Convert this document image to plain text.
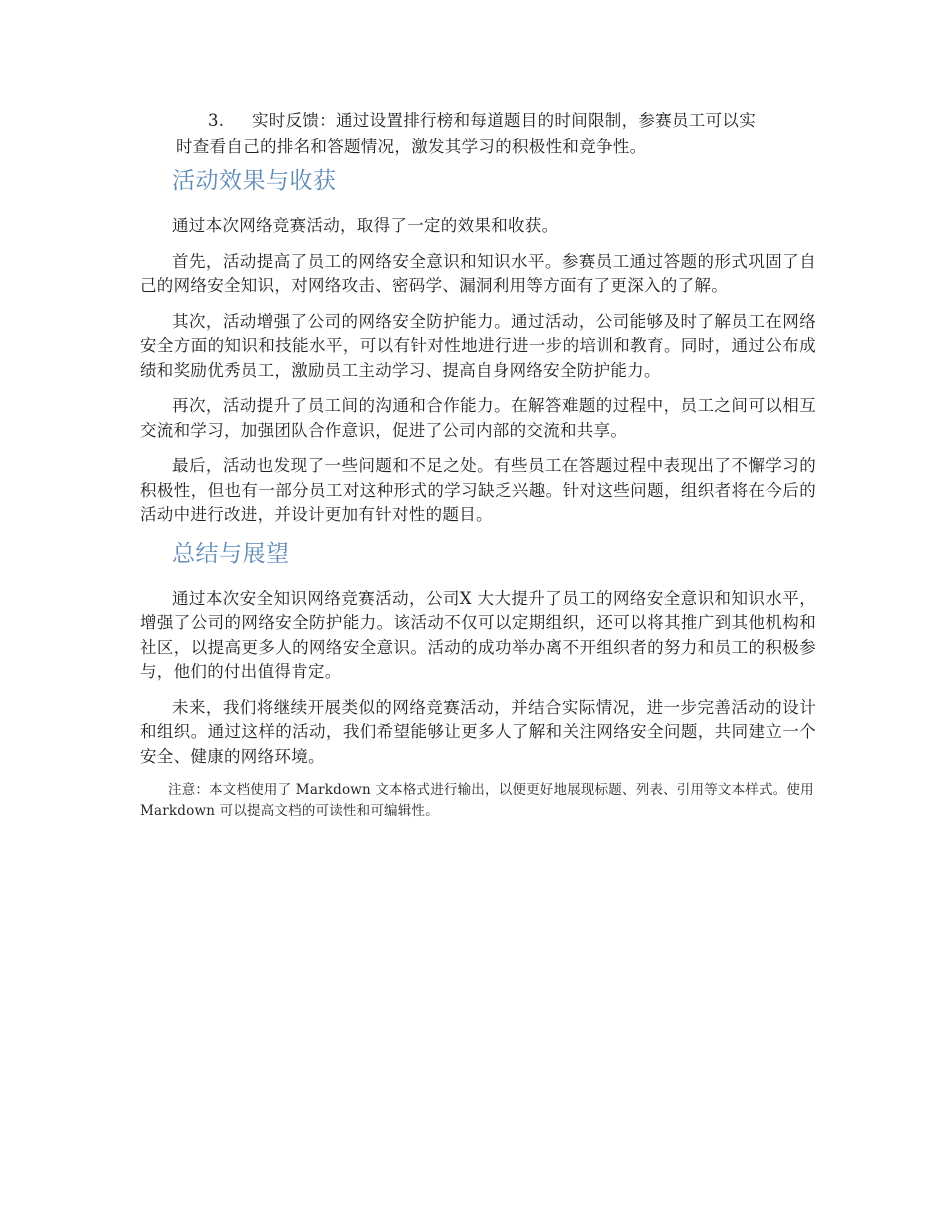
3.	实时反馈：通过设置排行榜和每道题目的时间限制，参赛员工可以实
时查看自己的排名和答题情况，激发其学习的积极性和竞争性。
活动效果与收获

通过本次网络竞赛活动，取得了一定的效果和收获。

首先，活动提高了员工的网络安全意识和知识水平。参赛员工通过答题的形式巩固了自己的网络安全知识，对网络攻击、密码学、漏洞利用等方面有了更深入的了解。

其次，活动增强了公司的网络安全防护能力。通过活动，公司能够及时了解员工在网络安全方面的知识和技能水平，可以有针对性地进行进一步的培训和教育。同时，通过公布成绩和奖励优秀员工，激励员工主动学习、提高自身网络安全防护能力。

再次，活动提升了员工间的沟通和合作能力。在解答难题的过程中，员工之间可以相互交流和学习，加强团队合作意识，促进了公司内部的交流和共享。

最后，活动也发现了一些问题和不足之处。有些员工在答题过程中表现出了不懈学习的积极性，但也有一部分员工对这种形式的学习缺乏兴趣。针对这些问题，组织者将在今后的活动中进行改进，并设计更加有针对性的题目。

总结与展望

通过本次安全知识网络竞赛活动，公司X 大大提升了员工的网络安全意识和知识水平，增强了公司的网络安全防护能力。该活动不仅可以定期组织，还可以将其推广到其他机构和社区，以提高更多人的网络安全意识。活动的成功举办离不开组织者的努力和员工的积极参与，他们的付出值得肯定。

未来，我们将继续开展类似的网络竞赛活动，并结合实际情况，进一步完善活动的设计和组织。通过这样的活动，我们希望能够让更多人了解和关注网络安全问题，共同建立一个安全、健康的网络环境。

注意：本文档使用了 Markdown 文本格式进行输出，以便更好地展现标题、列表、引用等文本样式。使用 Markdown 可以提高文档的可读性和可编辑性。
